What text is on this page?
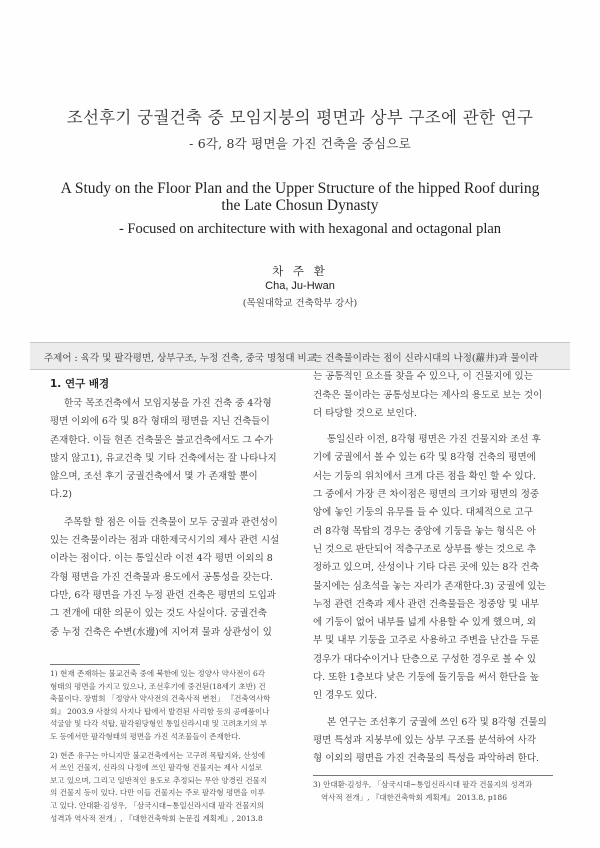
조선후기 궁궐건축 중 모임지붕의 평면과 상부 구조에 관한 연구
- 6각, 8각 평면을 가진 건축을 중심으로
A Study on the Floor Plan and the Upper Structure of the hipped Roof during
the Late Chosun Dynasty
- Focused on architecture with with hexagonal and octagonal plan
차 주 환
Cha, Ju-Hwan
(목원대학교 건축학부 강사)
주제어 : 육각 및 팔각평면, 상부구조, 누정 건축, 중국 명청대 비교
1. 연구 배경

한국 목조건축에서 모임지붕을 가진 건축 중 4각형

평면 이외에 6각 및 8각 형태의 평면을 지닌 건축들이

존재한다. 이들 현존 건축물은 불교건축에서도 그 수가

많지 않고1), 유교건축 및 기타 건축에서는 잘 나타나지

않으며, 조선 후기 궁궐건축에서 몇 가 존재할 뿐이

다.2)

주목할 할 점은 이들 건축물이 모두 궁궐과 관련성이

있는 건축물이라는 점과 대한제국시기의 제사 관련 시설

이라는 점이다. 이는 통일신라 이전 4각 평면 이외의 8

각형 평면을 가진 건축물과 용도에서 공통성을 갖는다.

다만, 6각 평면을 가진 누정 관련 건축은 평면의 도입과

그 전개에 대한 의문이 있는 것도 사실이다. 궁궐건축

중 누정 건축은 수변(水邊)에 지어져 물과 상관성이 있

1) 현재 존재하는 불교건축 중에 북한에 있는 정양사 약사전이 6각
형태의 평면을 가지고 있으나, 조선후기에 중건된(18세기 초반) 건
축물이다. 장범희 「정양사 약사전의 건축사적 변천」 『건축역사학
회』 2003.9 사찰의 사지나 탑에서 발견된 사리함 등의 공예품이나
석굴암 및 다각 석탑, 팔각원당형인 통일신라시대 및 고려초기의 부
도 등에서만 팔각형태의 평면을 가진 석조물들이 존재한다.
2) 현존 유구는 아니지만 불교건축에서는 고구려 목탑지와, 산성에
서 쓰인 건물지, 신라의 나정에 쓰인 팔각형 건물지는 제사 시설로
보고 있으며, 그리고 일반적인 용도로 추정되는 무안 양경린 건물지
의 건물지 등이 있다. 다만 이들 건물지는 주로 팔각형 평면을 이루
고 있다. 안대환·김성우, 「삼국시대~통일신라시대 팔각 건물지의
성격과 역사적 전개」, 『대한건축학회 논문집 계획계』, 2013.8

는 건축물이라는 점이 신라시대의 나정(蘿井)과 물이라

는 공통적인 요소를 찾을 수 있으나, 이 건물지에 있는

건축은 물이라는 공통성보다는 제사의 용도로 보는 것이

더 타당할 것으로 보인다.

통일신라 이전, 8각형 평면은 가진 건물지와 조선 후

기에 궁궐에서 볼 수 있는 6각 및 8각형 건축의 평면에

서는 기둥의 위치에서 크게 다른 점을 확인 할 수 있다.

그 중에서 가장 큰 차이점은 평면의 크기와 평면의 정중

앙에 놓인 기둥의 유무를 들 수 있다. 대체적으로 고구

려 8각형 목탑의 경우는 중앙에 기둥을 놓는 형식은 아

닌 것으로 판단되어 적층구조로 상부를 쌓는 것으로 추

정하고 있으며, 산성이나 기타 다른 곳에 있는 8각 건축

물지에는 심초석을 놓는 자리가 존재한다.3) 궁궐에 있는

누정 관련 건축과 제사 관련 건축물들은 정중앙 및 내부

에 기둥이 없어 내부를 넓게 사용할 수 있게 했으며, 외

부 및 내부 기둥을 고주로 사용하고 주변을 난간을 두룬

경우가 대다수이거나 단층으로 구성한 경우로 볼 수 있

다. 또한 1층보다 낮은 기둥에 돌기둥을 써서 한단을 높

인 경우도 있다.

본 연구는 조선후기 궁궐에 쓰인 6각 및 8각형 건물의

평면 특성과 지붕부에 있는 상부 구조를 분석하여 사각

형 이외의 평면을 가진 건축물의 특성을 파악하려 한다.

3) 안대환·김성우, 「삼국시대~통일신라시대 팔각 건물지의 성격과
역사적 전개」, 『대한건축학회 계획계』 2013.8, p186
